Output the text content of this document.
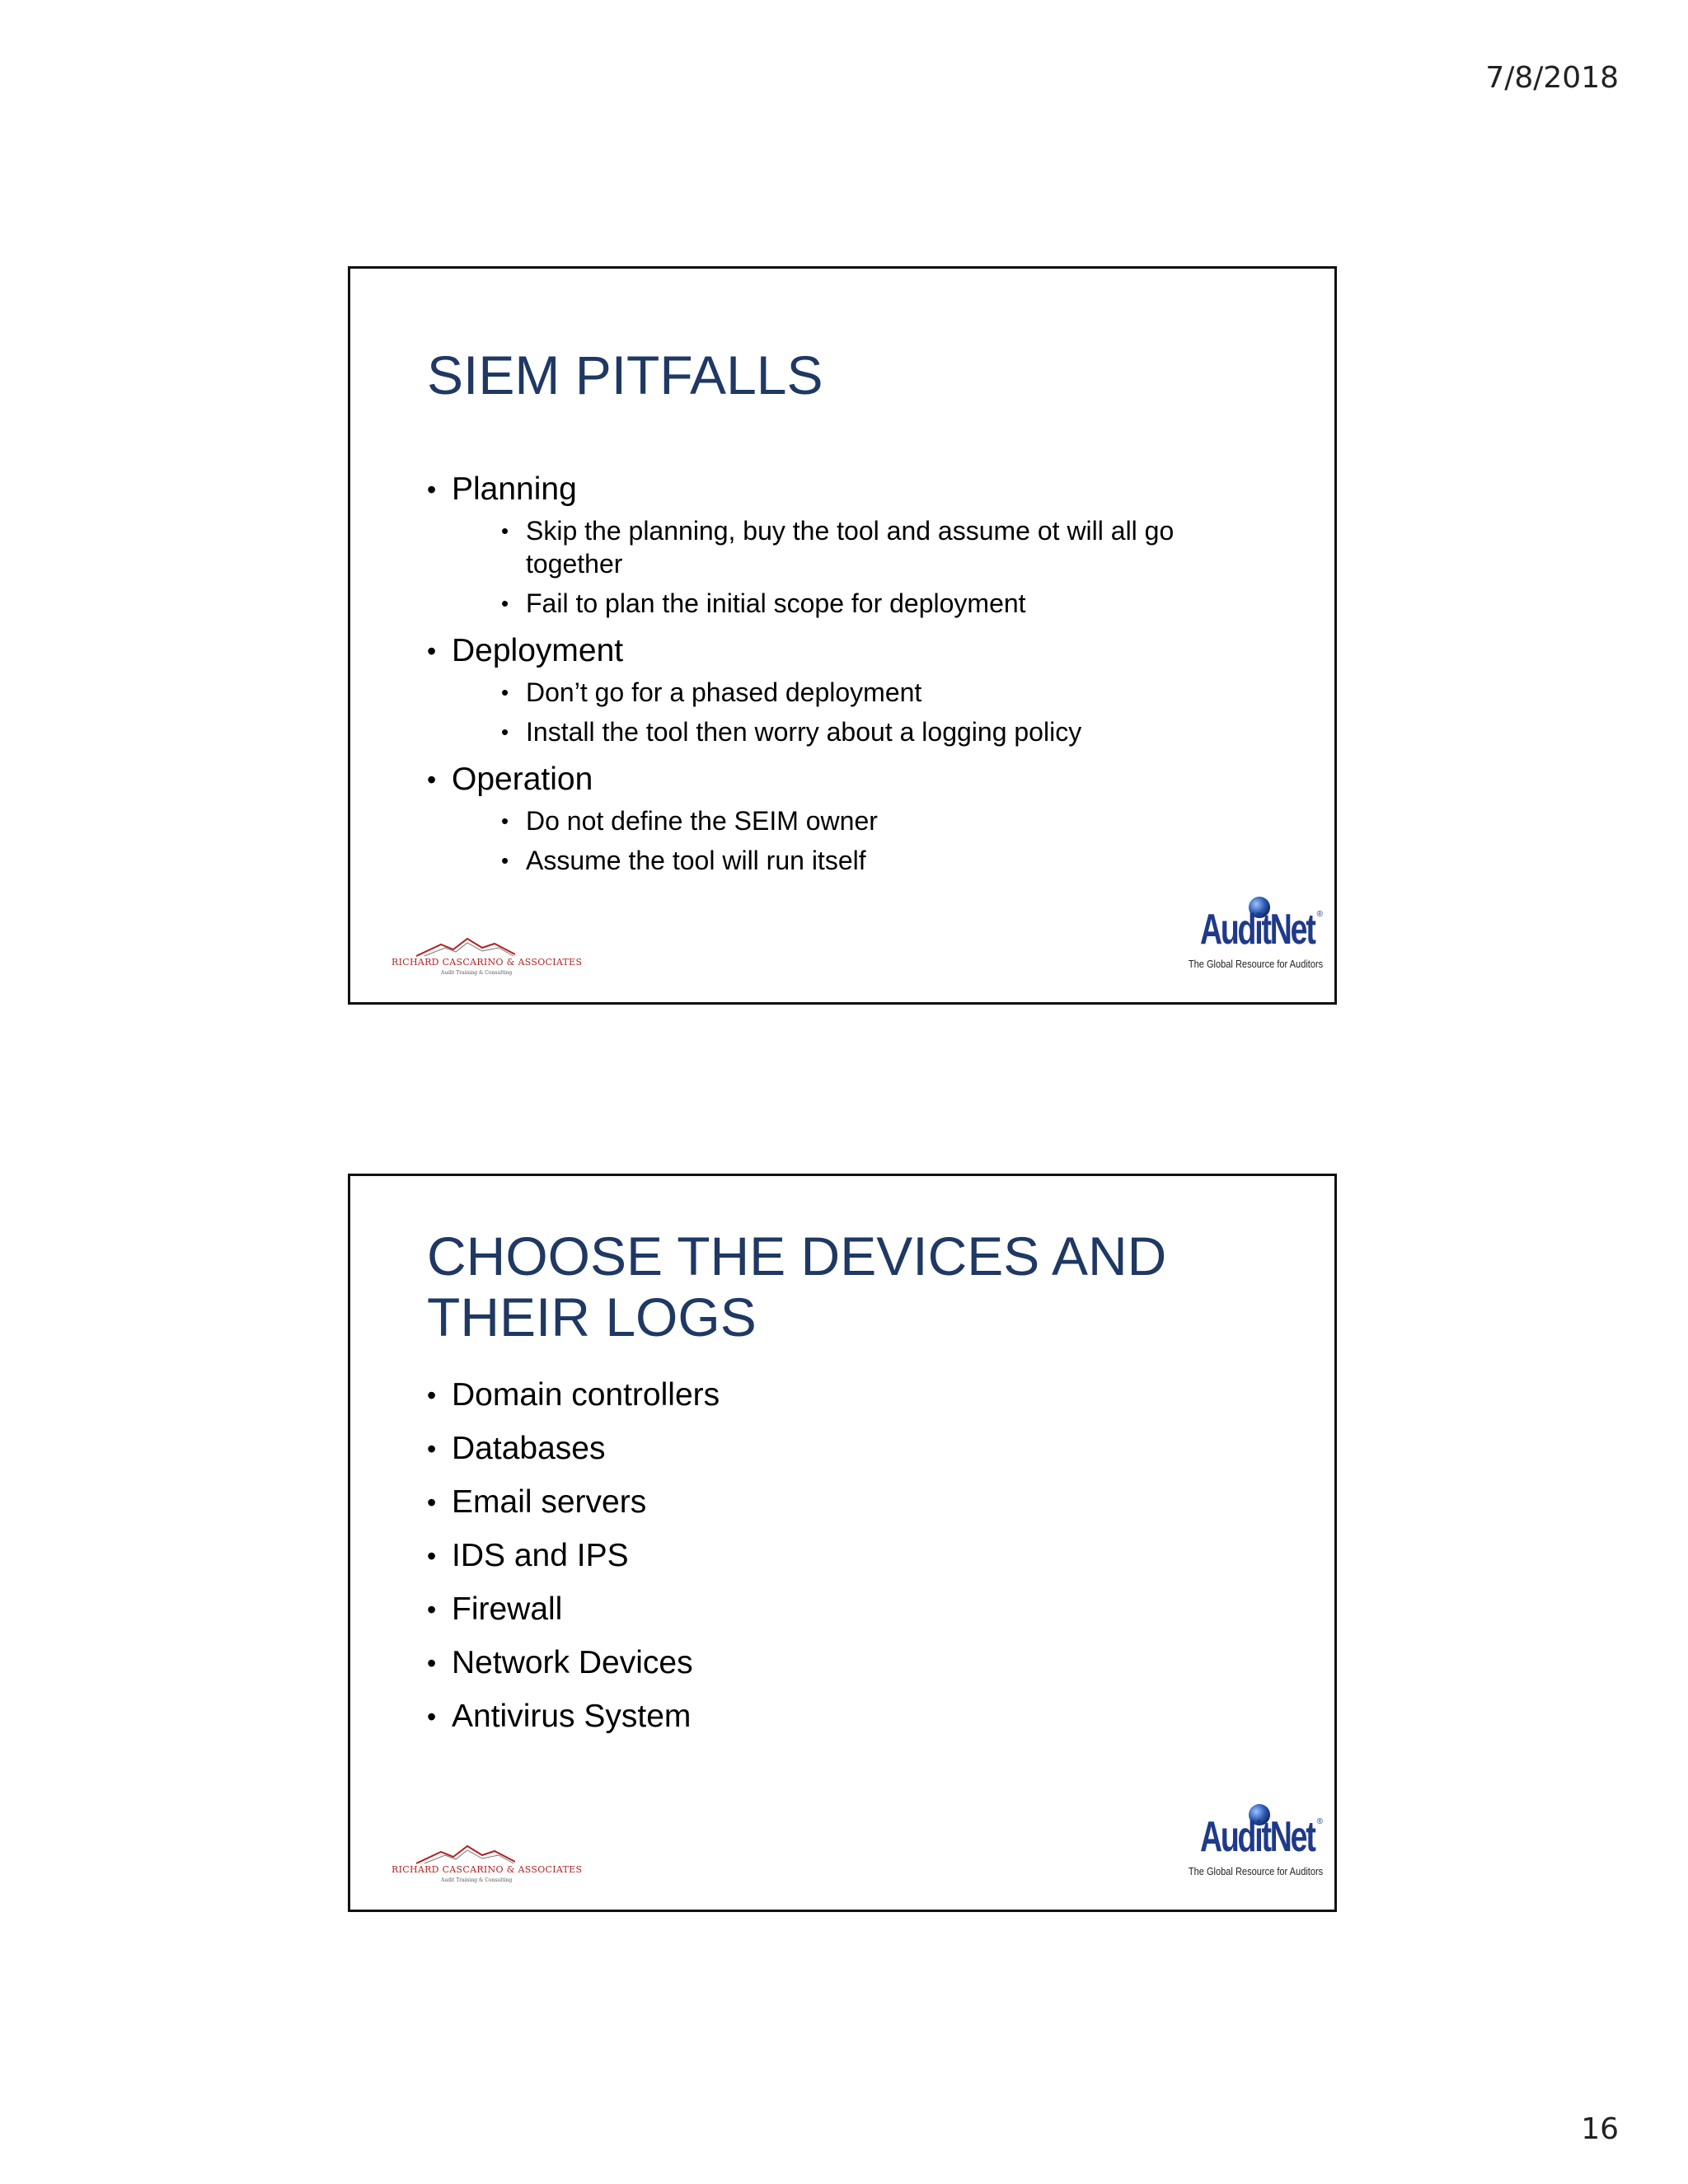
7/8/2018
SIEM PITFALLS
• Planning
• Skip the planning, buy the tool and assume ot will all go together
• Fail to plan the initial scope for deployment
• Deployment
• Don’t go for a phased deployment
• Install the tool then worry about a logging policy
• Operation
• Do not define the SEIM owner
• Assume the tool will run itself
RICHARD CASCARINO & ASSOCIATES
Audit Training & Consulting
AuditNet ®
The Global Resource for Auditors
CHOOSE THE DEVICES AND THEIR LOGS
• Domain controllers
• Databases
• Email servers
• IDS and IPS
• Firewall
• Network Devices
• Antivirus System
RICHARD CASCARINO & ASSOCIATES
Audit Training & Consulting
AuditNet ®
The Global Resource for Auditors
16
